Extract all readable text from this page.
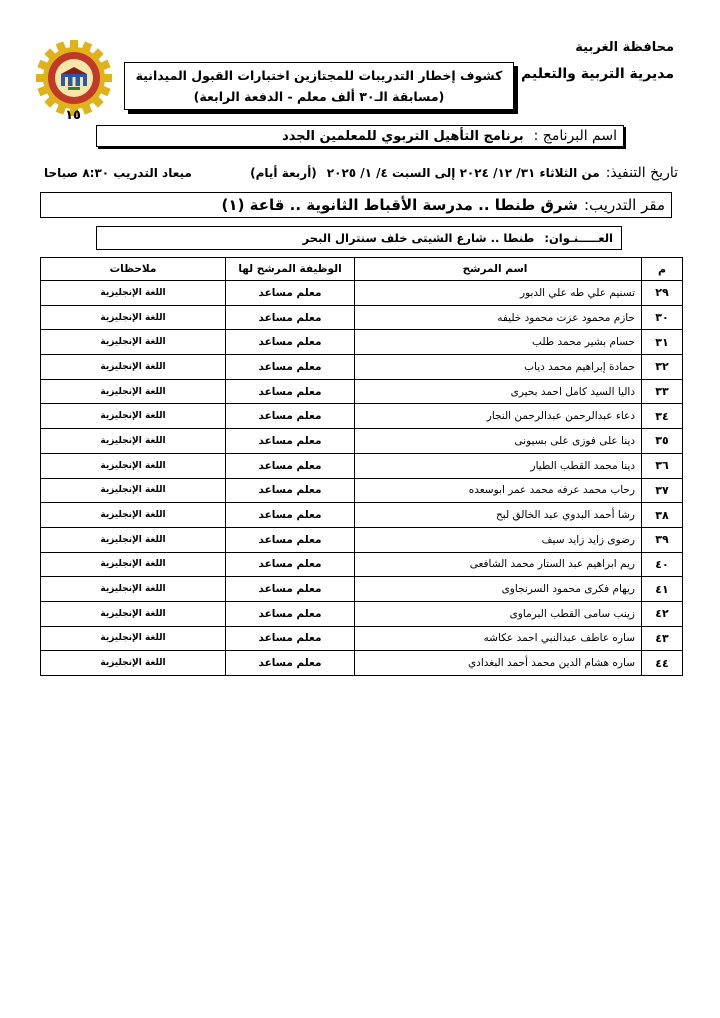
١٥
محافظة الغربية
مديرية التربية والتعليم
كشوف إخطار التدريبات للمجتازين اختبارات القبول الميدانية
(مسابقة الـ٣٠ ألف معلم - الدفعة الرابعة)
اسم البرنامج :
برنامج التأهيل التربوي للمعلمين الجدد
تاريخ التنفيذ:
من الثلاثاء ٣١/ ١٢/ ٢٠٢٤ إلى السبت ٤/ ١/ ٢٠٢٥
(أربعة أيام)
ميعاد التدريب ٨:٣٠ صباحا
مقر التدريب:
شرق طنطا .. مدرسة الأقباط الثانوية .. قاعة (١)
العـــــنـوان:
طنطا .. شارع الشيتى خلف سنترال البحر
م	اسم المرشح	الوظيفة المرشح لها	ملاحظات
٢٩	تسنيم علي طه علي الدبور	معلم مساعد	اللغة الإنجليزية
٣٠	حازم محمود عزت محمود خليفه	معلم مساعد	اللغة الإنجليزية
٣١	حسام بشير محمد طلب	معلم مساعد	اللغة الإنجليزية
٣٢	حمادة إبراهيم محمد دياب	معلم مساعد	اللغة الإنجليزية
٣٣	داليا السيد كامل احمد بحيرى	معلم مساعد	اللغة الإنجليزية
٣٤	دعاء عبدالرحمن عبدالرحمن النجار	معلم مساعد	اللغة الإنجليزية
٣٥	دينا على فوزى على بسيونى	معلم مساعد	اللغة الإنجليزية
٣٦	دينا محمد القطب الطيار	معلم مساعد	اللغة الإنجليزية
٣٧	رحاب محمد عرفه محمد عمر ابوسعده	معلم مساعد	اللغة الإنجليزية
٣٨	رشا أحمد البدوي عبد الخالق لبح	معلم مساعد	اللغة الإنجليزية
٣٩	رضوى زايد زايد سيف	معلم مساعد	اللغة الإنجليزية
٤٠	ريم ابراهيم عبد الستار محمد الشافعى	معلم مساعد	اللغة الإنجليزية
٤١	ريهام فكرى محمود السرنجاوى	معلم مساعد	اللغة الإنجليزية
٤٢	زينب سامى القطب البرماوى	معلم مساعد	اللغة الإنجليزية
٤٣	ساره عاطف عبدالنبي احمد عكاشه	معلم مساعد	اللغة الإنجليزية
٤٤	ساره هشام الدين محمد أحمد البغدادي	معلم مساعد	اللغة الإنجليزية
